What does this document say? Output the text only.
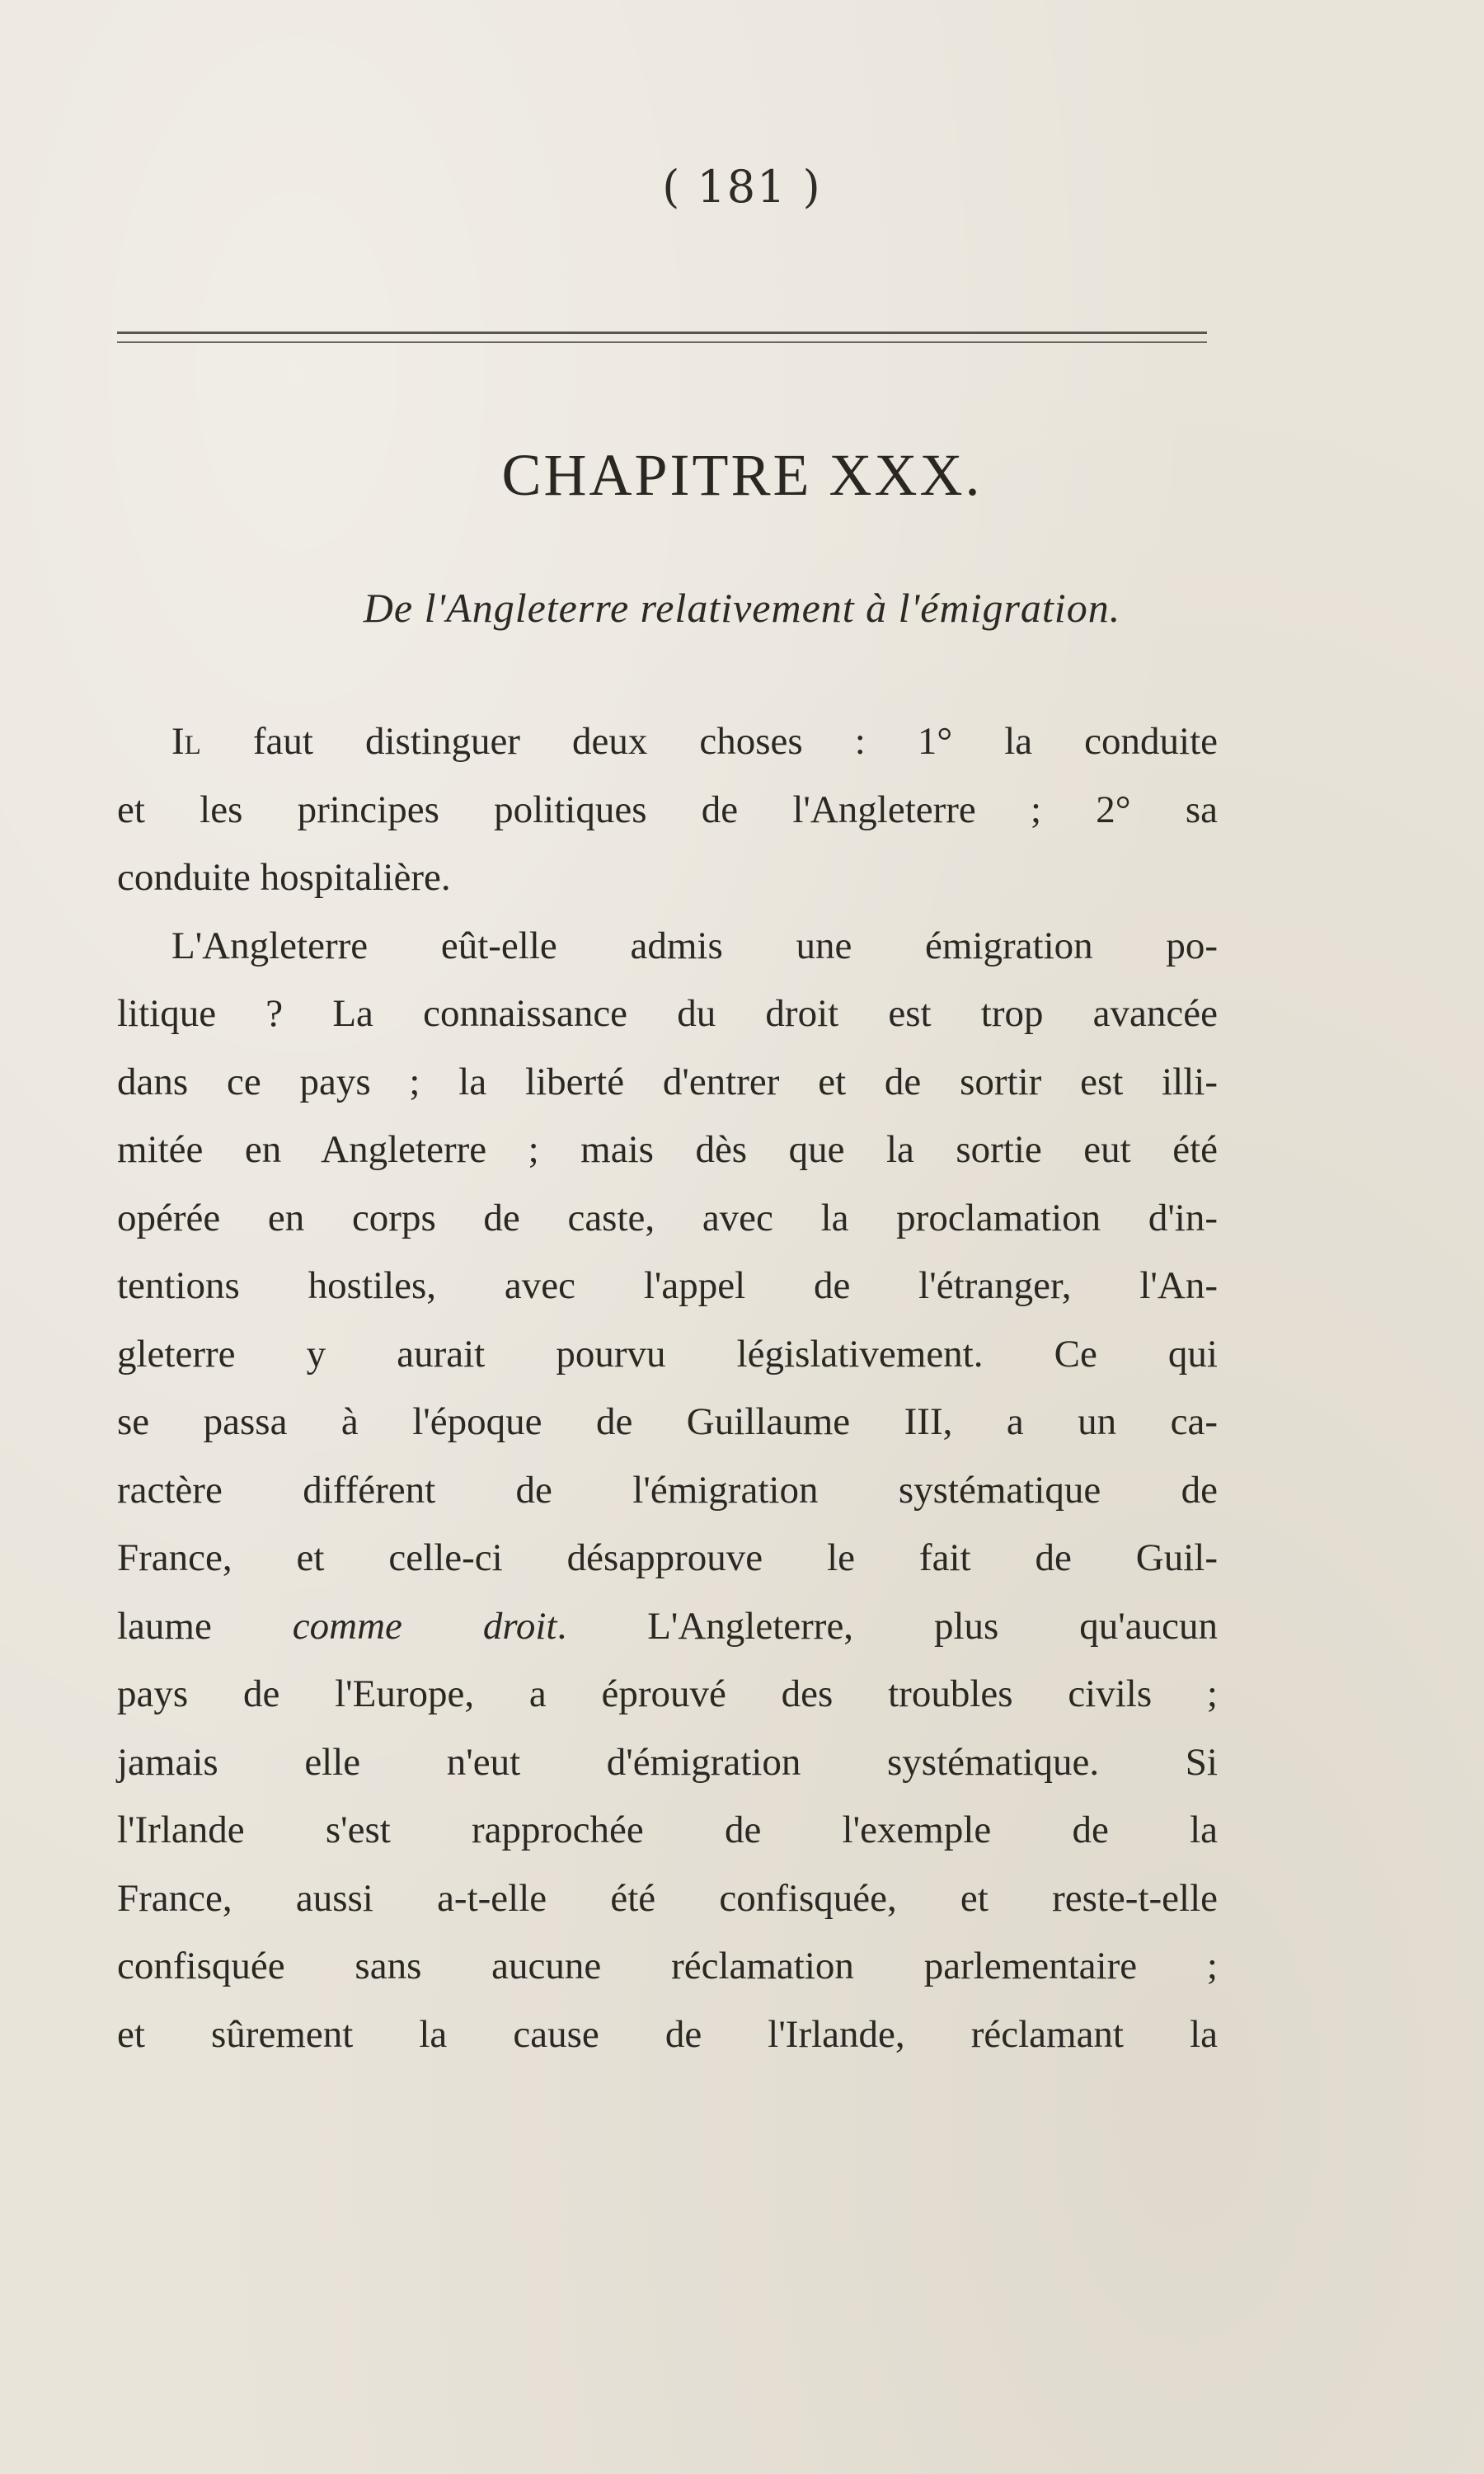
( 181 )
CHAPITRE XXX.
De l'Angleterre relativement à l'émigration.
Il faut distinguer deux choses : 1° la conduite
et les principes politiques de l'Angleterre ; 2° sa
conduite hospitalière.
L'Angleterre eût-elle admis une émigration po-
litique ? La connaissance du droit est trop avancée
dans ce pays ; la liberté d'entrer et de sortir est illi-
mitée en Angleterre ; mais dès que la sortie eut été
opérée en corps de caste, avec la proclamation d'in-
tentions hostiles, avec l'appel de l'étranger, l'An-
gleterre y aurait pourvu législativement. Ce qui
se passa à l'époque de Guillaume III, a un ca-
ractère différent de l'émigration systématique de
France, et celle-ci désapprouve le fait de Guil-
laume comme droit. L'Angleterre, plus qu'aucun
pays de l'Europe, a éprouvé des troubles civils ;
jamais elle n'eut d'émigration systématique. Si
l'Irlande s'est rapprochée de l'exemple de la
France, aussi a-t-elle été confisquée, et reste-t-elle
confisquée sans aucune réclamation parlementaire ;
et sûrement la cause de l'Irlande, réclamant la
